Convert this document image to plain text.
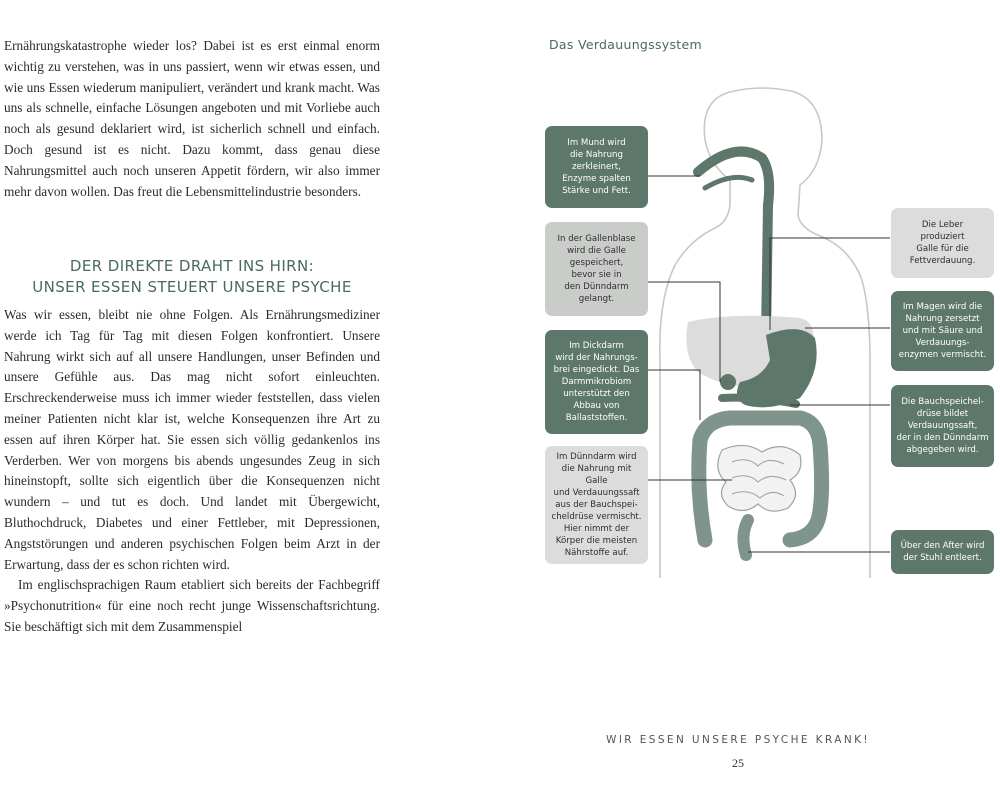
Ernährungskatastrophe wieder los? Dabei ist es erst einmal enorm wichtig zu verstehen, was in uns passiert, wenn wir etwas essen, und wie uns Essen wiederum manipuliert, verändert und krank macht. Was uns als schnelle, einfache Lösungen angeboten und mit Vorliebe auch noch als gesund deklariert wird, ist sicherlich schnell und einfach. Doch gesund ist es nicht. Dazu kommt, dass genau diese Nahrungsmittel auch noch unseren Appetit fördern, wir also immer mehr davon wollen. Das freut die Lebensmittelindustrie besonders.

DER DIREKTE DRAHT INS HIRN:
UNSER ESSEN STEUERT UNSERE PSYCHE

Was wir essen, bleibt nie ohne Folgen. Als Ernährungsmediziner werde ich Tag für Tag mit diesen Folgen konfrontiert. Unsere Nahrung wirkt sich auf all unsere Handlungen, unser Befinden und unsere Gefühle aus. Das mag nicht sofort einleuchten. Erschreckenderweise muss ich immer wieder feststellen, dass vielen meiner Patienten nicht klar ist, welche Konsequenzen ihre Art zu essen auf ihren Körper hat. Sie essen sich völlig gedankenlos ins Verderben. Wer von morgens bis abends ungesundes Zeug in sich hineinstopft, sollte sich eigentlich über die Konsequenzen nicht wundern – und tut es doch. Und landet mit Übergewicht, Bluthochdruck, Diabetes und einer Fettleber, mit Depressionen, Angststörungen und anderen psychischen Folgen beim Arzt in der Erwartung, dass der es schon richten wird.

Im englischsprachigen Raum etabliert sich bereits der Fachbegriff »Psychonutrition« für eine noch recht junge Wissenschaftsrichtung. Sie beschäftigt sich mit dem Zusammenspiel

Das Verdauungssystem
Im Mund wird
die Nahrung
zerkleinert,
Enzyme spalten
Stärke und Fett.
In der Gallenblase
wird die Galle
gespeichert,
bevor sie in
den Dünndarm
gelangt.
Im Dickdarm
wird der Nahrungs-
brei eingedickt. Das
Darmmikrobiom
unterstützt den
Abbau von
Ballaststoffen.
Im Dünndarm wird
die Nahrung mit Galle
und Verdauungssaft
aus der Bauchspei-
cheldrüse vermischt.
Hier nimmt der
Körper die meisten
Nährstoffe auf.
Die Leber
produziert
Galle für die
Fettverdauung.
Im Magen wird die
Nahrung zersetzt
und mit Säure und
Verdauungs-
enzymen vermischt.
Die Bauchspeichel-
drüse bildet
Verdauungssaft,
der in den Dünndarm
abgegeben wird.
Über den After wird
der Stuhl entleert.
WIR ESSEN UNSERE PSYCHE KRANK!
25
